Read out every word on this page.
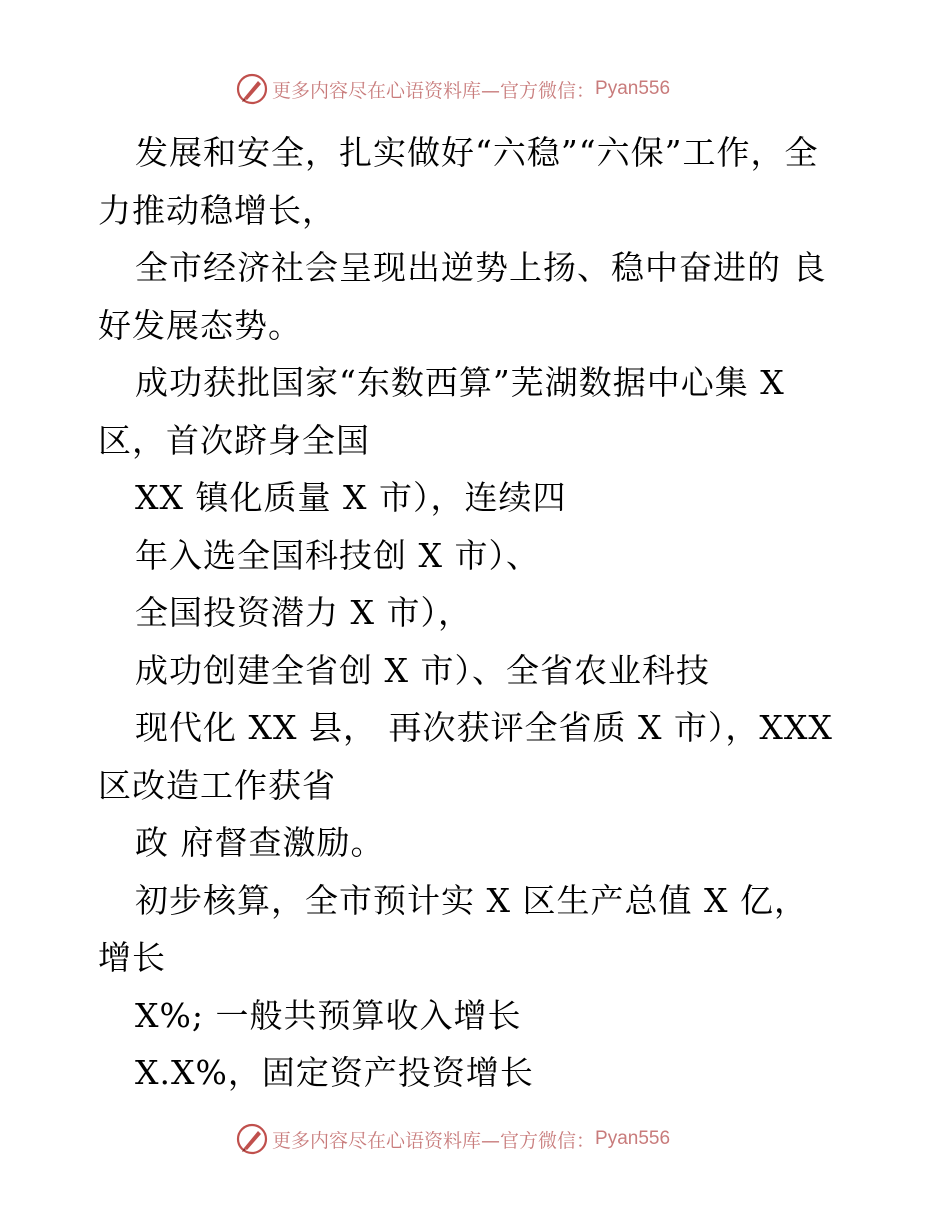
更多内容尽在心语资料库—官方微信： Pyan556

发展和安全，扎实做好“六稳”“六保”工作，全 力推动稳增长，

全市经济社会呈现出逆势上扬、稳中奋进的 良好发展态势。

成功获批国家“东数西算”芜湖数据中心集 X 区，首次跻身全国

XX 镇化质量 X 市），连续四

年入选全国科技创 X 市）、

全国投资潜力 X 市），

成功创建全省创 X 市）、全省农业科技

现代化 XX 县， 再次获评全省质 X 市），XXX 区改造工作获省

政 府督查激励。

初步核算，全市预计实 X 区生产总值 X 亿，增长

X%; 一般共预算收入增长

X.X%，固定资产投资增长

更多内容尽在心语资料库—官方微信： Pyan556
